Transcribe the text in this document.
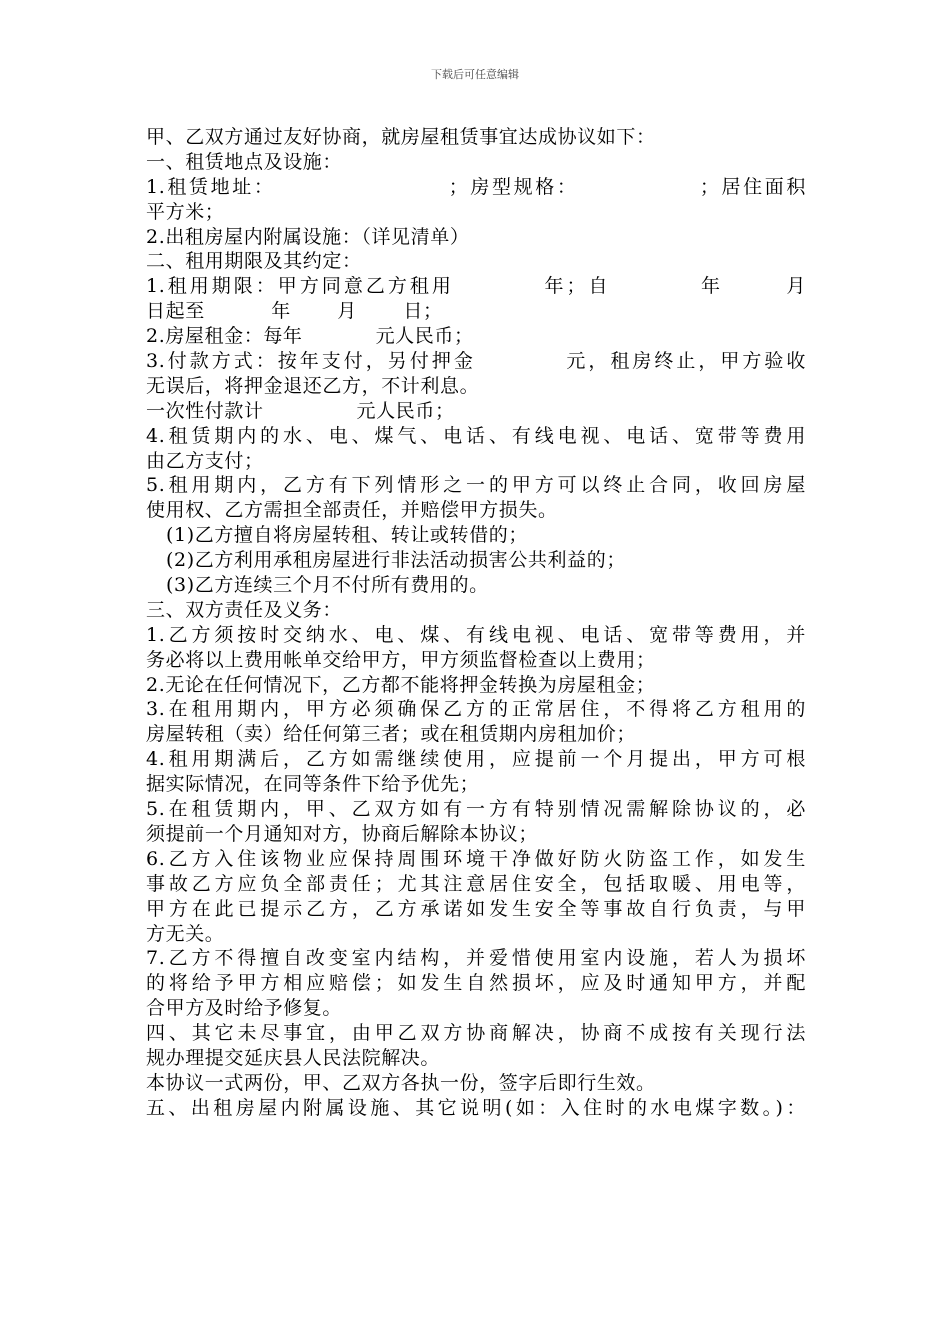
下载后可任意编辑
甲、乙双方通过友好协商，就房屋租赁事宜达成协议如下：
一、租赁地点及设施：
1.租赁地址：                    ；房型规格：              ；居住面积
平方米；
2.出租房屋内附属设施：（详见清单）
二、租用期限及其约定：
1.租用期限：甲方同意乙方租用          年；自          年       月
日起至          年       月       日；
2.房屋租金：每年           元人民币；
3.付款方式：按年支付，另付押金          元，租房终止，甲方验收
无误后，将押金退还乙方，不计利息。
一次性付款计              元人民币；
4.租赁期内的水、电、煤气、电话、有线电视、电话、宽带等费用
由乙方支付；
5.租用期内，乙方有下列情形之一的甲方可以终止合同，收回房屋
使用权、乙方需担全部责任，并赔偿甲方损失。
(1)乙方擅自将房屋转租、转让或转借的；
(2)乙方利用承租房屋进行非法活动损害公共利益的；
(3)乙方连续三个月不付所有费用的。
三、双方责任及义务：
1.乙方须按时交纳水、电、煤、有线电视、电话、宽带等费用，并
务必将以上费用帐单交给甲方，甲方须监督检查以上费用；
2.无论在任何情况下，乙方都不能将押金转换为房屋租金；
3.在租用期内，甲方必须确保乙方的正常居住，不得将乙方租用的
房屋转租（卖）给任何第三者；或在租赁期内房租加价；
4.租用期满后，乙方如需继续使用，应提前一个月提出，甲方可根
据实际情况，在同等条件下给予优先；
5.在租赁期内，甲、乙双方如有一方有特别情况需解除协议的，必
须提前一个月通知对方，协商后解除本协议；
6.乙方入住该物业应保持周围环境干净做好防火防盗工作，如发生
事故乙方应负全部责任；尤其注意居住安全，包括取暖、用电等，
甲方在此已提示乙方，乙方承诺如发生安全等事故自行负责，与甲
方无关。
7.乙方不得擅自改变室内结构，并爱惜使用室内设施，若人为损坏
的将给予甲方相应赔偿；如发生自然损坏，应及时通知甲方，并配
合甲方及时给予修复。
四、其它未尽事宜，由甲乙双方协商解决，协商不成按有关现行法
规办理提交延庆县人民法院解决。
本协议一式两份，甲、乙双方各执一份，签字后即行生效。
五、出租房屋内附属设施、其它说明(如：入住时的水电煤字数。)：
